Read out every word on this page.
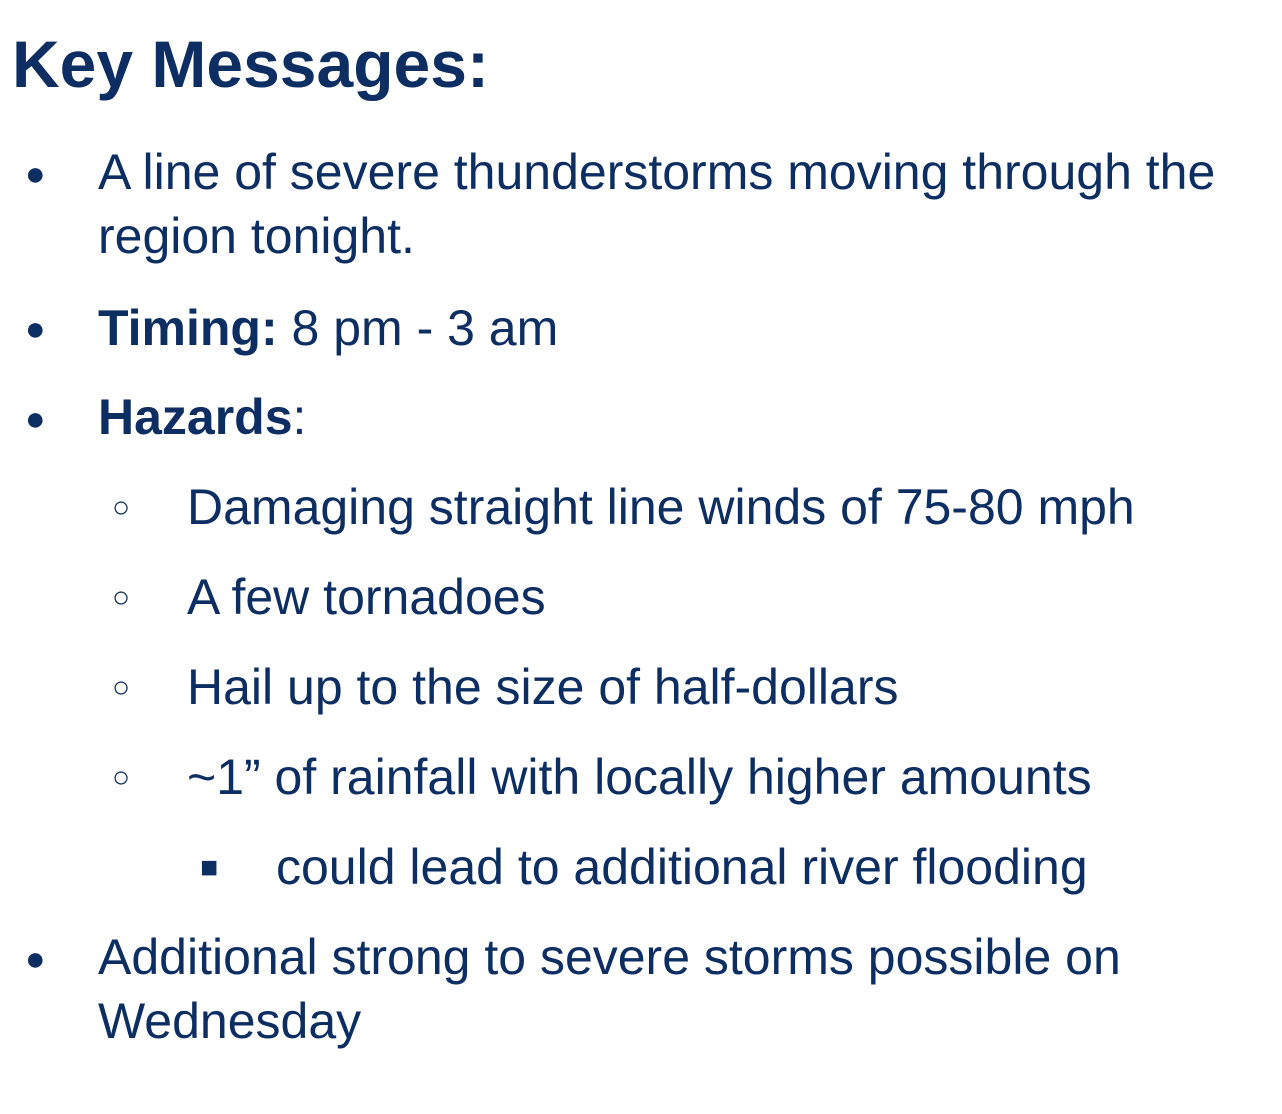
Key Messages:
● A line of severe thunderstorms moving through the region tonight.
● Timing: 8 pm - 3 am
● Hazards:
○ Damaging straight line winds of 75-80 mph
○ A few tornadoes
○ Hail up to the size of half-dollars
○ ~1” of rainfall with locally higher amounts
■ could lead to additional river flooding
● Additional strong to severe storms possible on Wednesday
